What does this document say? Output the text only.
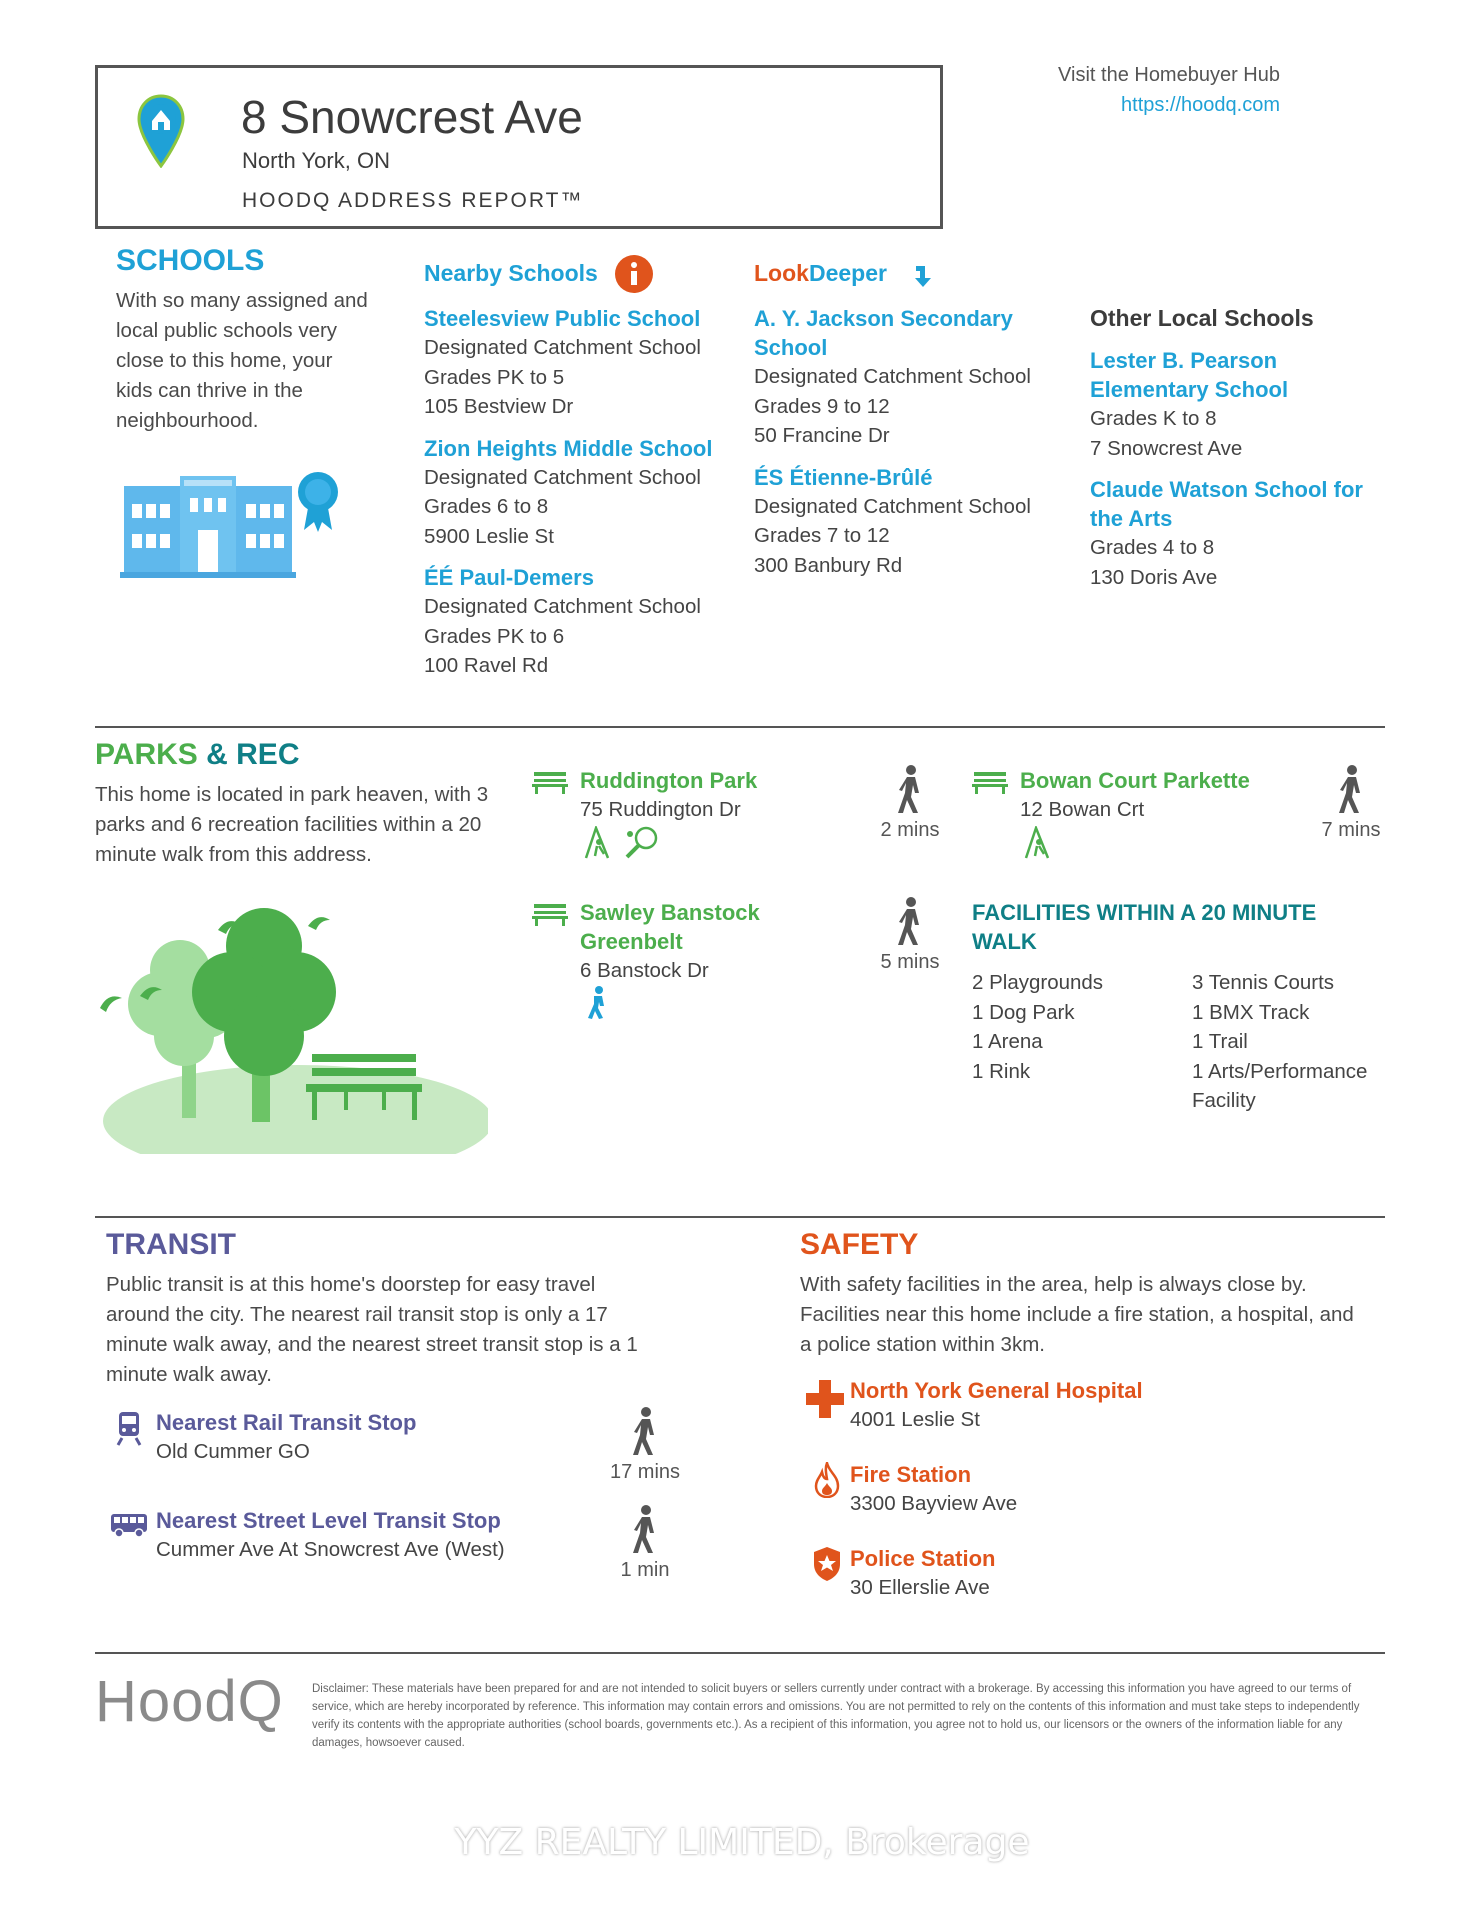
8 Snowcrest Ave
North York, ON
HOODQ ADDRESS REPORT™
Visit the Homebuyer Hub
https://hoodq.com
SCHOOLS
With so many assigned and
local public schools very
close to this home, your
kids can thrive in the
neighbourhood.
Nearby Schools
Steelesview Public School
Designated Catchment School
Grades PK to 5
105 Bestview Dr
Zion Heights Middle School
Designated Catchment School
Grades 6 to 8
5900 Leslie St
ÉÉ Paul-Demers
Designated Catchment School
Grades PK to 6
100 Ravel Rd
LookDeeper
A. Y. Jackson Secondary
School
Designated Catchment School
Grades 9 to 12
50 Francine Dr
ÉS Étienne-Brûlé
Designated Catchment School
Grades 7 to 12
300 Banbury Rd
Other Local Schools
Lester B. Pearson
Elementary School
Grades K to 8
7 Snowcrest Ave
Claude Watson School for
the Arts
Grades 4 to 8
130 Doris Ave
PARKS & REC
This home is located in park heaven, with 3
parks and 6 recreation facilities within a 20
minute walk from this address.
Ruddington Park
75 Ruddington Dr
2 mins
Bowan Court Parkette
12 Bowan Crt
7 mins
Sawley Banstock
Greenbelt
6 Banstock Dr	5 mins
FACILITIES WITHIN A 20 MINUTE
WALK
2 Playgrounds
1 Dog Park
1 Arena
1 Rink
3 Tennis Courts
1 BMX Track
1 Trail
1 Arts/Performance
Facility
TRANSIT
Public transit is at this home's doorstep for easy travel
around the city. The nearest rail transit stop is only a 17
minute walk away, and the nearest street transit stop is a 1
minute walk away.
Nearest Rail Transit Stop
Old Cummer GO
17 mins
Nearest Street Level Transit Stop
Cummer Ave At Snowcrest Ave (West)
1 min
SAFETY
With safety facilities in the area, help is always close by.
Facilities near this home include a fire station, a hospital, and
a police station within 3km.
North York General Hospital
4001 Leslie St
Fire Station
3300 Bayview Ave
Police Station
30 Ellerslie Ave
HoodQ Disclaimer: These materials have been prepared for and are not intended to solicit buyers or sellers currently under contract with a brokerage. By accessing this information you have agreed to our terms of
service, which are hereby incorporated by reference. This information may contain errors and omissions. You are not permitted to rely on the contents of this information and must take steps to independently
verify its contents with the appropriate authorities (school boards, governments etc.). As a recipient of this information, you agree not to hold us, our licensors or the owners of the information liable for any
damages, howsoever caused.
YYZ REALTY LIMITED, Brokerage
